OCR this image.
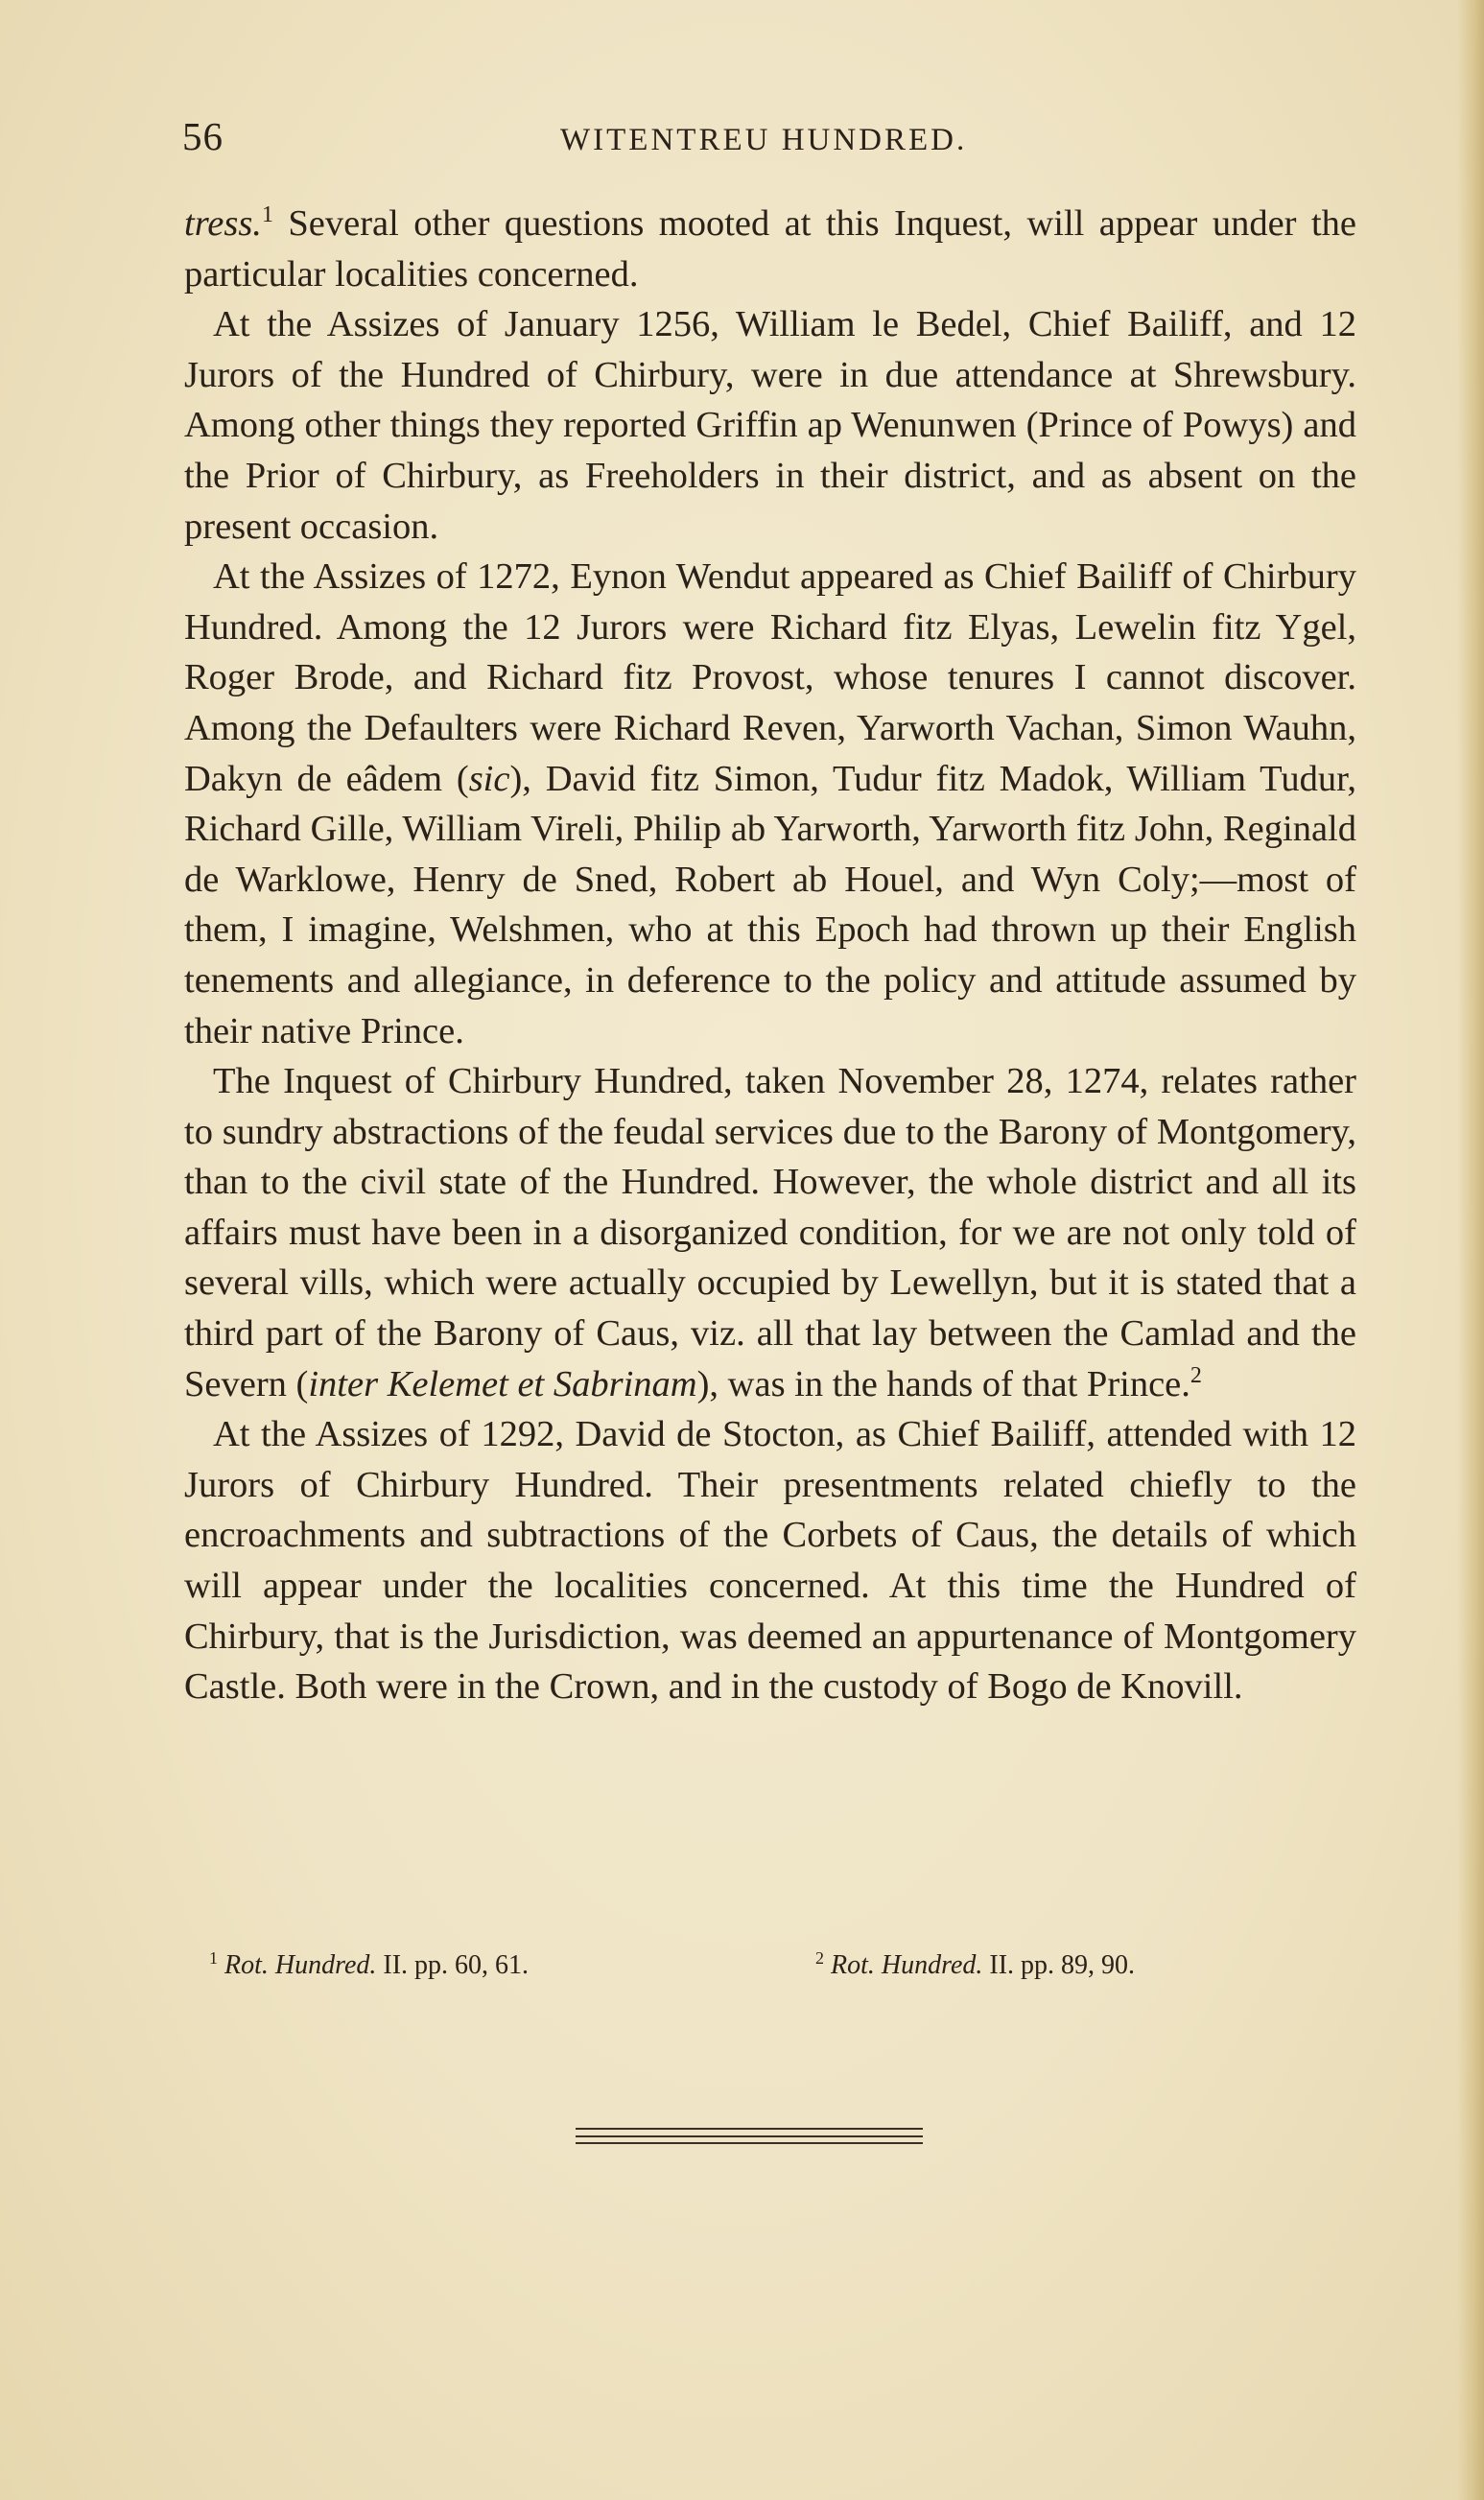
56	WITENTREU HUNDRED.

tress.$^1$ Several other questions mooted at this Inquest, will appear under the particular localities concerned.

At the Assizes of January 1256, William le Bedel, Chief Bailiff, and 12 Jurors of the Hundred of Chirbury, were in due attendance at Shrewsbury. Among other things they reported Griffin ap Wenunwen (Prince of Powys) and the Prior of Chirbury, as Freeholders in their district, and as absent on the present occasion.

At the Assizes of 1272, Eynon Wendut appeared as Chief Bailiff of Chirbury Hundred. Among the 12 Jurors were Richard fitz Elyas, Lewelin fitz Ygel, Roger Brode, and Richard fitz Provost, whose tenures I cannot discover. Among the Defaulters were Richard Reven, Yarworth Vachan, Simon Wauhn, Dakyn de eâdem (sic), David fitz Simon, Tudur fitz Madok, William Tudur, Richard Gille, William Vireli, Philip ab Yarworth, Yarworth fitz John, Reginald de Warklowe, Henry de Sned, Robert ab Houel, and Wyn Coly;—most of them, I imagine, Welshmen, who at this Epoch had thrown up their English tenements and allegiance, in deference to the policy and attitude assumed by their native Prince.

The Inquest of Chirbury Hundred, taken November 28, 1274, relates rather to sundry abstractions of the feudal services due to the Barony of Montgomery, than to the civil state of the Hundred. However, the whole district and all its affairs must have been in a disorganized condition, for we are not only told of several vills, which were actually occupied by Lewellyn, but it is stated that a third part of the Barony of Caus, viz. all that lay between the Camlad and the Severn (inter Kelemet et Sabrinam), was in the hands of that Prince.$^2$

At the Assizes of 1292, David de Stocton, as Chief Bailiff, attended with 12 Jurors of Chirbury Hundred. Their presentments related chiefly to the encroachments and subtractions of the Corbets of Caus, the details of which will appear under the localities concerned. At this time the Hundred of Chirbury, that is the Jurisdiction, was deemed an appurtenance of Montgomery Castle. Both were in the Crown, and in the custody of Bogo de Knovill.

$^1$ Rot. Hundred. II. pp. 60, 61.	$^2$ Rot. Hundred. II. pp. 89, 90.
